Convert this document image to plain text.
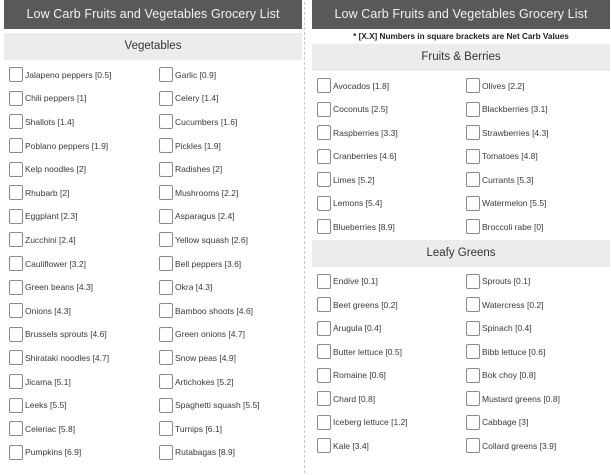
Low Carb Fruits and Vegetables Grocery List
Vegetables
Jalapeno peppers [0.5]	Garlic [0.9]
Chili peppers [1]	Celery [1.4]
Shallots [1.4]	Cucumbers [1.6]
Poblano peppers [1.9]	Pickles [1.9]
Kelp noodles [2]	Radishes [2]
Rhubarb [2]	Mushrooms [2.2]
Eggplant [2.3]	Asparagus [2.4]
Zucchini [2.4]	Yellow squash [2.6]
Cauliflower [3.2]	Bell peppers [3.6]
Green beans [4.3]	Okra [4.3]
Onions [4.3]	Bamboo shoots [4.6]
Brussels sprouts [4.6]	Green onions [4.7]
Shirataki noodles [4.7]	Snow peas [4.9]
Jicama [5.1]	Artichokes [5.2]
Leeks [5.5]	Spaghetti squash [5.5]
Celeriac [5.8]	Turnips [6.1]
Pumpkins [6.9]	Rutabagas [8.9]
Low Carb Fruits and Vegetables Grocery List
* [X.X] Numbers in square brackets are Net Carb Values
Fruits & Berries
Avocados [1.8]	Olives [2.2]
Coconuts [2.5]	Blackberries [3.1]
Raspberries [3.3]	Strawberries [4.3]
Cranberries [4.6]	Tomatoes [4.8]
Limes [5.2]	Currants [5.3]
Lemons [5.4]	Watermelon [5.5]
Blueberries [8.9]	Broccoli rabe [0]
Leafy Greens
Endive [0.1]	Sprouts [0.1]
Beet greens [0.2]	Watercress [0.2]
Arugula [0.4]	Spinach [0.4]
Butter lettuce [0.5]	Bibb lettuce [0.6]
Romaine [0.6]	Bok choy [0.8]
Chard [0.8]	Mustard greens [0.8]
Iceberg lettuce [1.2]	Cabbage [3]
Kale [3.4]	Collard greens [3.9]
